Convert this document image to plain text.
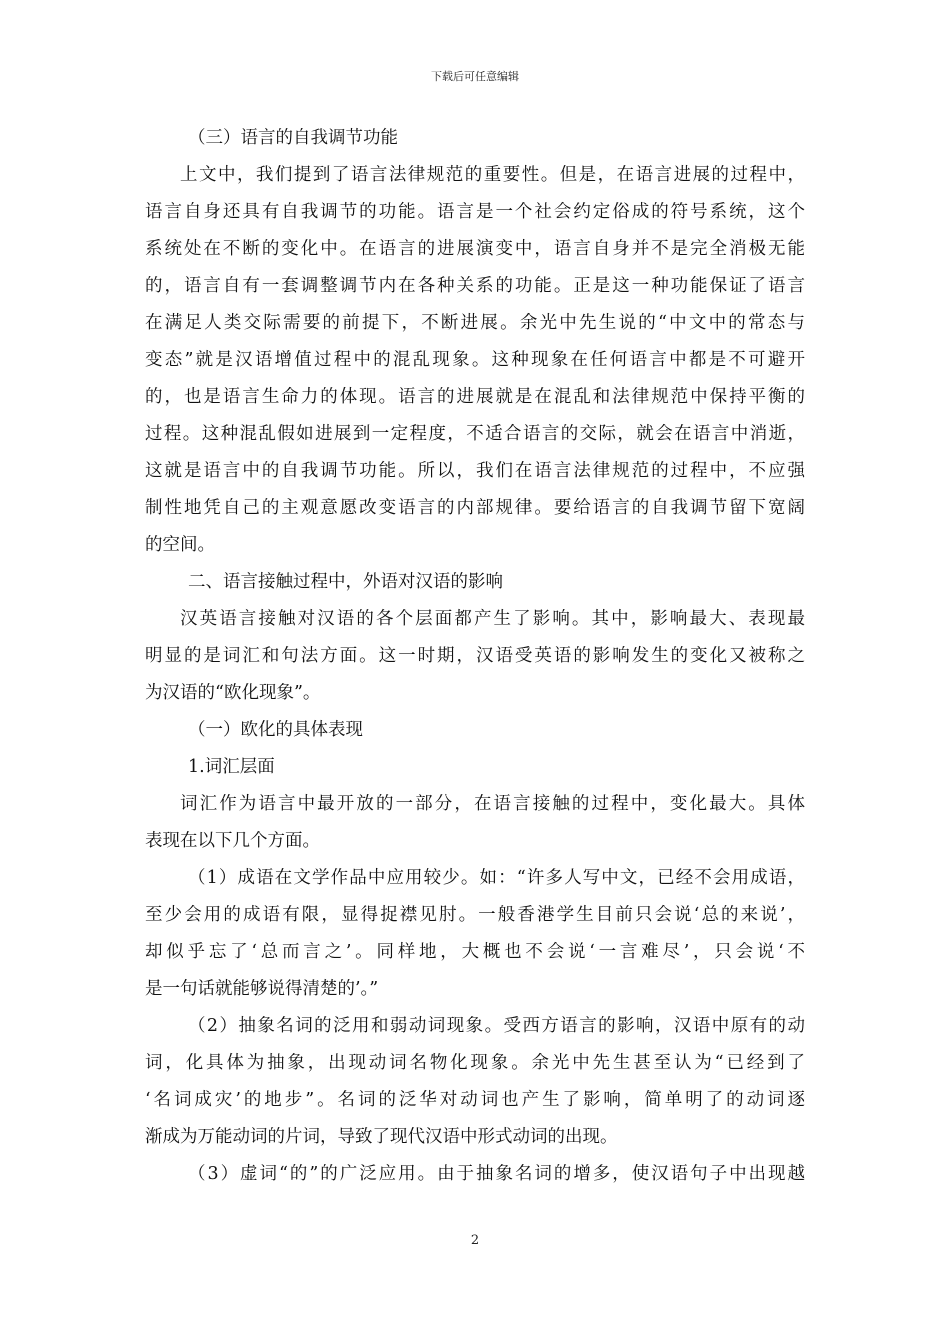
下载后可任意编辑
（三）语言的自我调节功能
上文中，我们提到了语言法律规范的重要性。但是，在语言进展的过程中，
语言自身还具有自我调节的功能。语言是一个社会约定俗成的符号系统，这个
系统处在不断的变化中。在语言的进展演变中，语言自身并不是完全消极无能
的，语言自有一套调整调节内在各种关系的功能。正是这一种功能保证了语言
在满足人类交际需要的前提下，不断进展。余光中先生说的“中文中的常态与
变态”就是汉语增值过程中的混乱现象。这种现象在任何语言中都是不可避开
的，也是语言生命力的体现。语言的进展就是在混乱和法律规范中保持平衡的
过程。这种混乱假如进展到一定程度，不适合语言的交际，就会在语言中消逝，
这就是语言中的自我调节功能。所以，我们在语言法律规范的过程中，不应强
制性地凭自己的主观意愿改变语言的内部规律。要给语言的自我调节留下宽阔
的空间。
二、语言接触过程中，外语对汉语的影响
汉英语言接触对汉语的各个层面都产生了影响。其中，影响最大、表现最
明显的是词汇和句法方面。这一时期，汉语受英语的影响发生的变化又被称之
为汉语的“欧化现象”。
（一）欧化的具体表现
1.词汇层面
词汇作为语言中最开放的一部分，在语言接触的过程中，变化最大。具体
表现在以下几个方面。
（1）成语在文学作品中应用较少。如：“许多人写中文，已经不会用成语，
至少会用的成语有限，显得捉襟见肘。一般香港学生目前只会说‘总的来说’，
却似乎忘了‘总而言之’。同样地，大概也不会说‘一言难尽’，只会说‘不
是一句话就能够说得清楚的’。”
（2）抽象名词的泛用和弱动词现象。受西方语言的影响，汉语中原有的动
词，化具体为抽象，出现动词名物化现象。余光中先生甚至认为“已经到了
‘名词成灾’的地步”。名词的泛华对动词也产生了影响，简单明了的动词逐
渐成为万能动词的片词，导致了现代汉语中形式动词的出现。
（3）虚词“的”的广泛应用。由于抽象名词的增多，使汉语句子中出现越
2
